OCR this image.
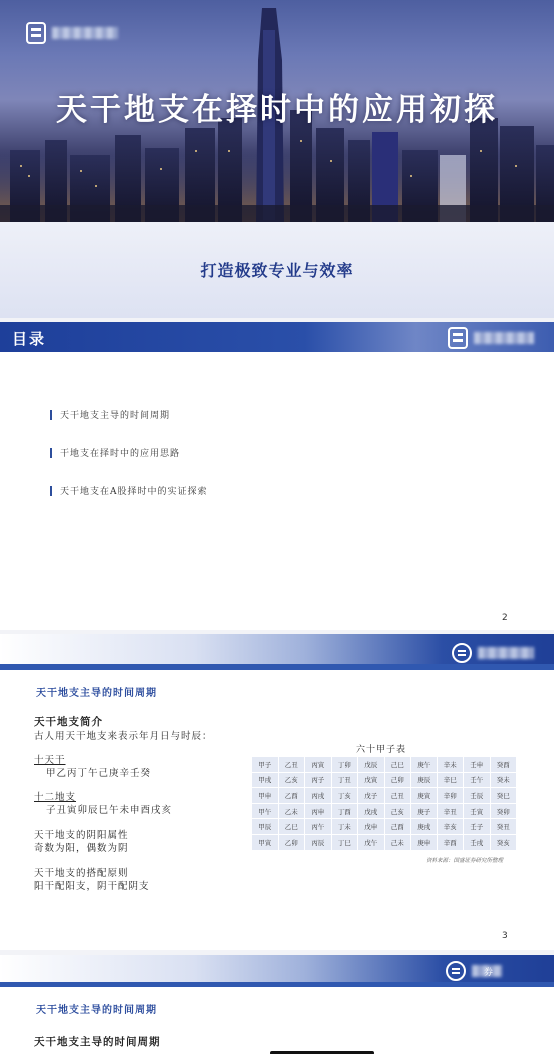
天干地支在择时中的应用初探
打造极致专业与效率
目录
天干地支主导的时间周期
干地支在择时中的应用思路
天干地支在A股择时中的实证探索
2
天干地支主导的时间周期
天干地支简介
古人用天干地支来表示年月日与时辰：
十天干
甲乙丙丁午己庚辛壬癸
十二地支
子丑寅卯辰巳午未申酉戌亥
天干地支的阴阳属性
奇数为阳，偶数为阴
天干地支的搭配原则
阳干配阳支，阴干配阴支
六十甲子表
甲子	乙丑	丙寅	丁卯	戊辰	己巳	庚午	辛未	壬申	癸酉
甲戌	乙亥	丙子	丁丑	戊寅	己卯	庚辰	辛巳	壬午	癸未
甲申	乙酉	丙戌	丁亥	戊子	己丑	庚寅	辛卯	壬辰	癸巳
甲午	乙未	丙申	丁酉	戊戌	己亥	庚子	辛丑	壬寅	癸卯
甲辰	乙巳	丙午	丁未	戊申	己酉	庚戌	辛亥	壬子	癸丑
甲寅	乙卯	丙辰	丁巳	戊午	己未	庚申	辛酉	壬戌	癸亥
资料来源：国盛证券研究所整理
3
券
天干地支主导的时间周期
天干地支主导的时间周期
